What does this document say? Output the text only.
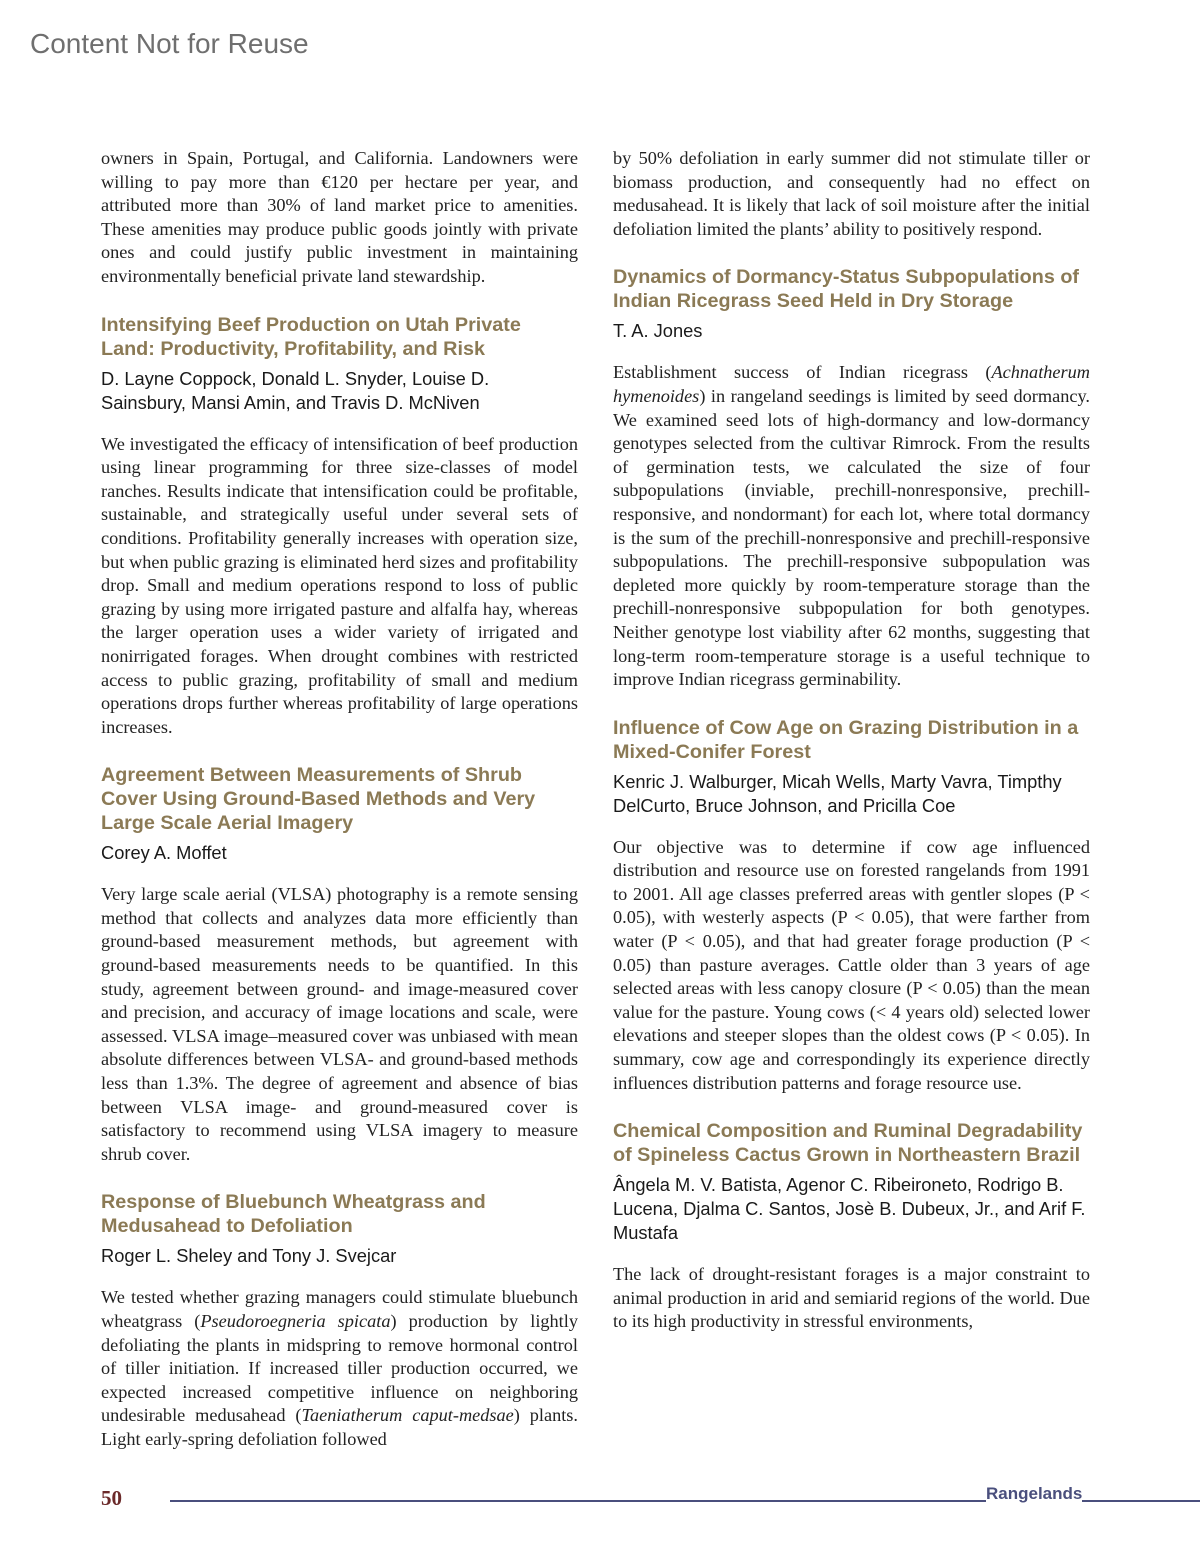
Content Not for Reuse

owners in Spain, Portugal, and California. Landowners were willing to pay more than €120 per hectare per year, and attributed more than 30% of land market price to amenities. These amenities may produce public goods jointly with private ones and could justify public investment in maintaining environmentally beneficial private land stewardship.

Intensifying Beef Production on Utah Private Land: Productivity, Profitability, and Risk
D. Layne Coppock, Donald L. Snyder, Louise D. Sainsbury, Mansi Amin, and Travis D. McNiven

We investigated the efficacy of intensification of beef production using linear programming for three size-classes of model ranches. Results indicate that intensification could be profitable, sustainable, and strategically useful under several sets of conditions. Profitability generally increases with operation size, but when public grazing is eliminated herd sizes and profitability drop. Small and medium operations respond to loss of public grazing by using more irrigated pasture and alfalfa hay, whereas the larger operation uses a wider variety of irrigated and nonirrigated forages. When drought combines with restricted access to public grazing, profitability of small and medium operations drops further whereas profitability of large operations increases.

Agreement Between Measurements of Shrub Cover Using Ground-Based Methods and Very Large Scale Aerial Imagery
Corey A. Moffet

Very large scale aerial (VLSA) photography is a remote sensing method that collects and analyzes data more efficiently than ground-based measurement methods, but agreement with ground-based measurements needs to be quantified. In this study, agreement between ground- and image-measured cover and precision, and accuracy of image locations and scale, were assessed. VLSA image–measured cover was unbiased with mean absolute differences between VLSA- and ground-based methods less than 1.3%. The degree of agreement and absence of bias between VLSA image- and ground-measured cover is satisfactory to recommend using VLSA imagery to measure shrub cover.

Response of Bluebunch Wheatgrass and Medusahead to Defoliation
Roger L. Sheley and Tony J. Svejcar

We tested whether grazing managers could stimulate bluebunch wheatgrass (Pseudoroegneria spicata) production by lightly defoliating the plants in midspring to remove hormonal control of tiller initiation. If increased tiller production occurred, we expected increased competitive influence on neighboring undesirable medusahead (Taeniatherum caput-medsae) plants. Light early-spring defoliation followed

by 50% defoliation in early summer did not stimulate tiller or biomass production, and consequently had no effect on medusahead. It is likely that lack of soil moisture after the initial defoliation limited the plants’ ability to positively respond.

Dynamics of Dormancy-Status Subpopulations of Indian Ricegrass Seed Held in Dry Storage
T. A. Jones

Establishment success of Indian ricegrass (Achnatherum hymenoides) in rangeland seedings is limited by seed dormancy. We examined seed lots of high-dormancy and low-dormancy genotypes selected from the cultivar Rimrock. From the results of germination tests, we calculated the size of four subpopulations (inviable, prechill-nonresponsive, prechill-responsive, and nondormant) for each lot, where total dormancy is the sum of the prechill-nonresponsive and prechill-responsive subpopulations. The prechill-responsive subpopulation was depleted more quickly by room-temperature storage than the prechill-nonresponsive subpopulation for both genotypes. Neither genotype lost viability after 62 months, suggesting that long-term room-temperature storage is a useful technique to improve Indian ricegrass germinability.

Influence of Cow Age on Grazing Distribution in a Mixed-Conifer Forest
Kenric J. Walburger, Micah Wells, Marty Vavra, Timpthy DelCurto, Bruce Johnson, and Pricilla Coe

Our objective was to determine if cow age influenced distribution and resource use on forested rangelands from 1991 to 2001. All age classes preferred areas with gentler slopes (P < 0.05), with westerly aspects (P < 0.05), that were farther from water (P < 0.05), and that had greater forage production (P < 0.05) than pasture averages. Cattle older than 3 years of age selected areas with less canopy closure (P < 0.05) than the mean value for the pasture. Young cows (< 4 years old) selected lower elevations and steeper slopes than the oldest cows (P < 0.05). In summary, cow age and correspondingly its experience directly influences distribution patterns and forage resource use.

Chemical Composition and Ruminal Degradability of Spineless Cactus Grown in Northeastern Brazil
Ângela M. V. Batista, Agenor C. Ribeironeto, Rodrigo B. Lucena, Djalma C. Santos, Josè B. Dubeux, Jr., and Arif F. Mustafa

The lack of drought-resistant forages is a major constraint to animal production in arid and semiarid regions of the world. Due to its high productivity in stressful environments,

50	Rangelands
